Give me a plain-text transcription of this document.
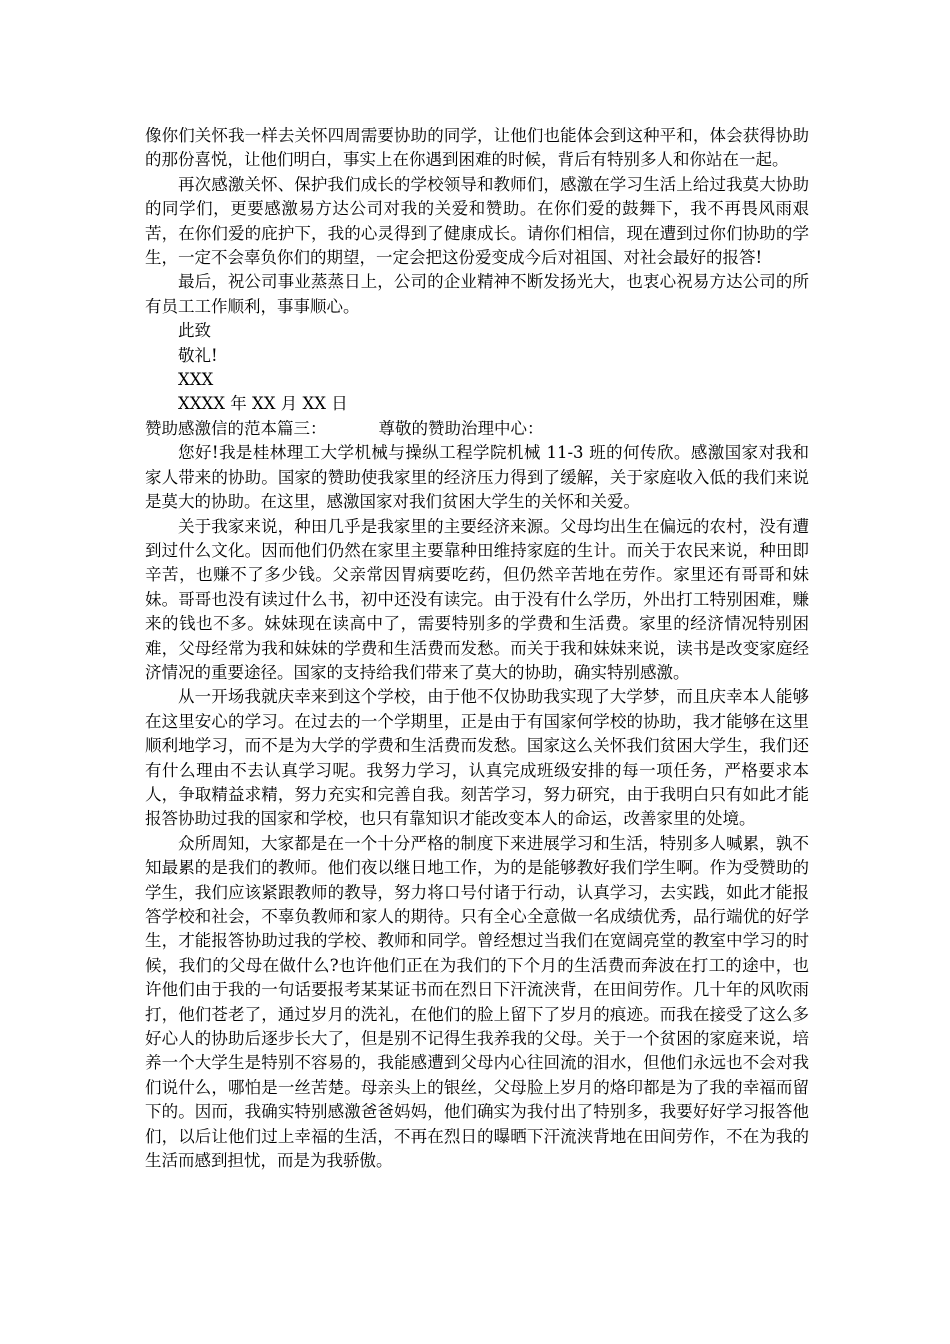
像你们关怀我一样去关怀四周需要协助的同学，让他们也能体会到这种平和，体会获得协助的那份喜悦，让他们明白，事实上在你遇到困难的时候，背后有特别多人和你站在一起。

再次感激关怀、保护我们成长的学校领导和教师们，感激在学习生活上给过我莫大协助的同学们，更要感激易方达公司对我的关爱和赞助。在你们爱的鼓舞下，我不再畏风雨艰苦，在你们爱的庇护下，我的心灵得到了健康成长。请你们相信，现在遭到过你们协助的学生，一定不会辜负你们的期望，一定会把这份爱变成今后对祖国、对社会最好的报答!

最后，祝公司事业蒸蒸日上，公司的企业精神不断发扬光大，也衷心祝易方达公司的所有员工工作顺利，事事顺心。

此致

敬礼!

XXX

XXXX 年 XX 月 XX 日

赞助感激信的范本篇三：	尊敬的赞助治理中心：

您好!我是桂林理工大学机械与操纵工程学院机械 11-3 班的何传欣。感激国家对我和家人带来的协助。国家的赞助使我家里的经济压力得到了缓解，关于家庭收入低的我们来说是莫大的协助。在这里，感激国家对我们贫困大学生的关怀和关爱。

关于我家来说，种田几乎是我家里的主要经济来源。父母均出生在偏远的农村，没有遭到过什么文化。因而他们仍然在家里主要靠种田维持家庭的生计。而关于农民来说，种田即辛苦，也赚不了多少钱。父亲常因胃病要吃药，但仍然辛苦地在劳作。家里还有哥哥和妹妹。哥哥也没有读过什么书，初中还没有读完。由于没有什么学历，外出打工特别困难，赚来的钱也不多。妹妹现在读高中了，需要特别多的学费和生活费。家里的经济情况特别困难，父母经常为我和妹妹的学费和生活费而发愁。而关于我和妹妹来说，读书是改变家庭经济情况的重要途径。国家的支持给我们带来了莫大的协助，确实特别感激。

从一开场我就庆幸来到这个学校，由于他不仅协助我实现了大学梦，而且庆幸本人能够在这里安心的学习。在过去的一个学期里，正是由于有国家何学校的协助，我才能够在这里顺利地学习，而不是为大学的学费和生活费而发愁。国家这么关怀我们贫困大学生，我们还有什么理由不去认真学习呢。我努力学习，认真完成班级安排的每一项任务，严格要求本人，争取精益求精，努力充实和完善自我。刻苦学习，努力研究，由于我明白只有如此才能报答协助过我的国家和学校，也只有靠知识才能改变本人的命运，改善家里的处境。

众所周知，大家都是在一个十分严格的制度下来进展学习和生活，特别多人喊累，孰不知最累的是我们的教师。他们夜以继日地工作，为的是能够教好我们学生啊。作为受赞助的学生，我们应该紧跟教师的教导，努力将口号付诸于行动，认真学习，去实践，如此才能报答学校和社会，不辜负教师和家人的期待。只有全心全意做一名成绩优秀，品行端优的好学生，才能报答协助过我的学校、教师和同学。曾经想过当我们在宽阔亮堂的教室中学习的时候，我们的父母在做什么?也许他们正在为我们的下个月的生活费而奔波在打工的途中，也许他们由于我的一句话要报考某某证书而在烈日下汗流浃背，在田间劳作。几十年的风吹雨打，他们苍老了，通过岁月的洗礼，在他们的脸上留下了岁月的痕迹。而我在接受了这么多好心人的协助后逐步长大了，但是别不记得生我养我的父母。关于一个贫困的家庭来说，培养一个大学生是特别不容易的，我能感遭到父母内心往回流的泪水，但他们永远也不会对我们说什么，哪怕是一丝苦楚。母亲头上的银丝，父母脸上岁月的烙印都是为了我的幸福而留下的。因而，我确实特别感激爸爸妈妈，他们确实为我付出了特别多，我要好好学习报答他们，以后让他们过上幸福的生活，不再在烈日的曝晒下汗流浃背地在田间劳作，不在为我的生活而感到担忧，而是为我骄傲。
